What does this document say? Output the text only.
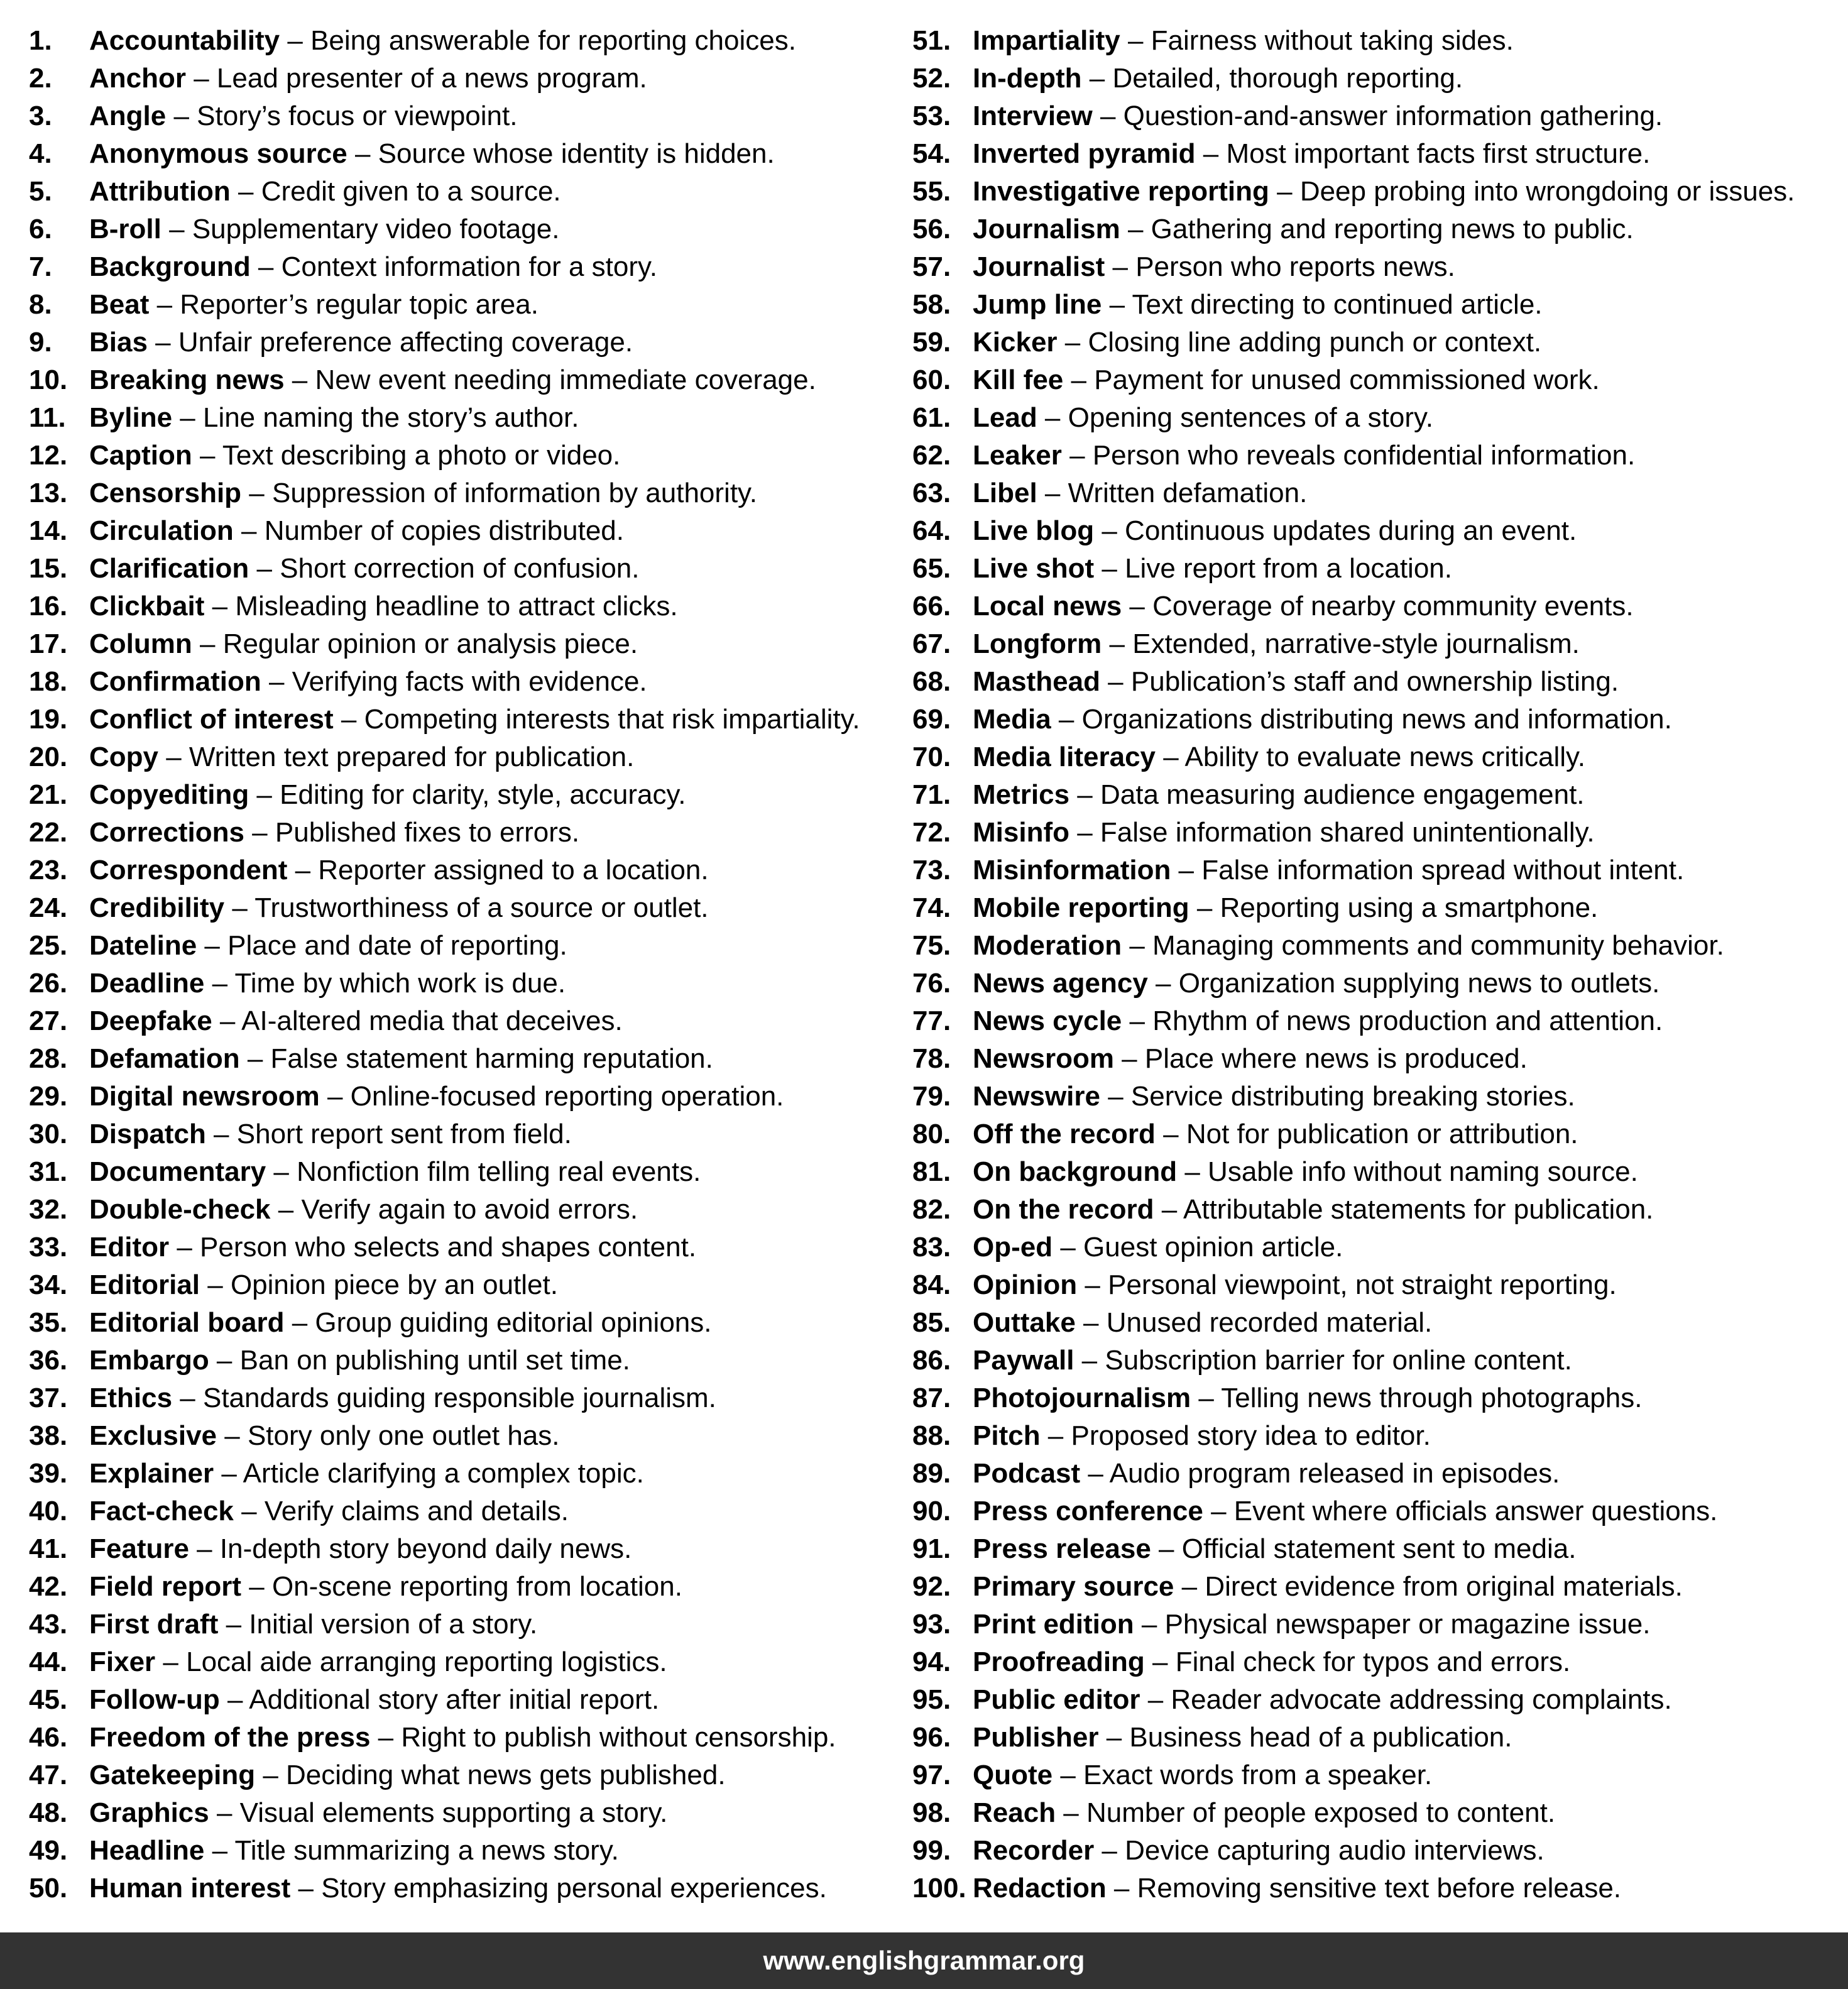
1.	Accountability – Being answerable for reporting choices.
2.	Anchor – Lead presenter of a news program.
3.	Angle – Story’s focus or viewpoint.
4.	Anonymous source – Source whose identity is hidden.
5.	Attribution – Credit given to a source.
6.	B-roll – Supplementary video footage.
7.	Background – Context information for a story.
8.	Beat – Reporter’s regular topic area.
9.	Bias – Unfair preference affecting coverage.
10. Breaking news – New event needing immediate coverage.
11. Byline – Line naming the story’s author.
12. Caption – Text describing a photo or video.
13. Censorship – Suppression of information by authority.
14. Circulation – Number of copies distributed.
15. Clarification – Short correction of confusion.
16. Clickbait – Misleading headline to attract clicks.
17. Column – Regular opinion or analysis piece.
18. Confirmation – Verifying facts with evidence.
19. Conflict of interest – Competing interests that risk impartiality.
20. Copy – Written text prepared for publication.
21. Copyediting – Editing for clarity, style, accuracy.
22. Corrections – Published fixes to errors.
23. Correspondent – Reporter assigned to a location.
24. Credibility – Trustworthiness of a source or outlet.
25. Dateline – Place and date of reporting.
26. Deadline – Time by which work is due.
27. Deepfake – AI-altered media that deceives.
28. Defamation – False statement harming reputation.
29. Digital newsroom – Online-focused reporting operation.
30. Dispatch – Short report sent from field.
31. Documentary – Nonfiction film telling real events.
32. Double-check – Verify again to avoid errors.
33. Editor – Person who selects and shapes content.
34. Editorial – Opinion piece by an outlet.
35. Editorial board – Group guiding editorial opinions.
36. Embargo – Ban on publishing until set time.
37. Ethics – Standards guiding responsible journalism.
38. Exclusive – Story only one outlet has.
39. Explainer – Article clarifying a complex topic.
40. Fact-check – Verify claims and details.
41. Feature – In-depth story beyond daily news.
42. Field report – On-scene reporting from location.
43. First draft – Initial version of a story.
44. Fixer – Local aide arranging reporting logistics.
45. Follow-up – Additional story after initial report.
46. Freedom of the press – Right to publish without censorship.
47. Gatekeeping – Deciding what news gets published.
48. Graphics – Visual elements supporting a story.
49. Headline – Title summarizing a news story.
50. Human interest – Story emphasizing personal experiences.
51. Impartiality – Fairness without taking sides.
52. In-depth – Detailed, thorough reporting.
53. Interview – Question-and-answer information gathering.
54. Inverted pyramid – Most important facts first structure.
55. Investigative reporting – Deep probing into wrongdoing or issues.
56. Journalism – Gathering and reporting news to public.
57. Journalist – Person who reports news.
58. Jump line – Text directing to continued article.
59. Kicker – Closing line adding punch or context.
60. Kill fee – Payment for unused commissioned work.
61. Lead – Opening sentences of a story.
62. Leaker – Person who reveals confidential information.
63. Libel – Written defamation.
64. Live blog – Continuous updates during an event.
65. Live shot – Live report from a location.
66. Local news – Coverage of nearby community events.
67. Longform – Extended, narrative-style journalism.
68. Masthead – Publication’s staff and ownership listing.
69. Media – Organizations distributing news and information.
70. Media literacy – Ability to evaluate news critically.
71. Metrics – Data measuring audience engagement.
72. Misinfo – False information shared unintentionally.
73. Misinformation – False information spread without intent.
74. Mobile reporting – Reporting using a smartphone.
75. Moderation – Managing comments and community behavior.
76. News agency – Organization supplying news to outlets.
77. News cycle – Rhythm of news production and attention.
78. Newsroom – Place where news is produced.
79. Newswire – Service distributing breaking stories.
80. Off the record – Not for publication or attribution.
81. On background – Usable info without naming source.
82. On the record – Attributable statements for publication.
83. Op-ed – Guest opinion article.
84. Opinion – Personal viewpoint, not straight reporting.
85. Outtake – Unused recorded material.
86. Paywall – Subscription barrier for online content.
87. Photojournalism – Telling news through photographs.
88. Pitch – Proposed story idea to editor.
89. Podcast – Audio program released in episodes.
90. Press conference – Event where officials answer questions.
91. Press release – Official statement sent to media.
92. Primary source – Direct evidence from original materials.
93. Print edition – Physical newspaper or magazine issue.
94. Proofreading – Final check for typos and errors.
95. Public editor – Reader advocate addressing complaints.
96. Publisher – Business head of a publication.
97. Quote – Exact words from a speaker.
98. Reach – Number of people exposed to content.
99. Recorder – Device capturing audio interviews.
100. Redaction – Removing sensitive text before release.
www.englishgrammar.org
